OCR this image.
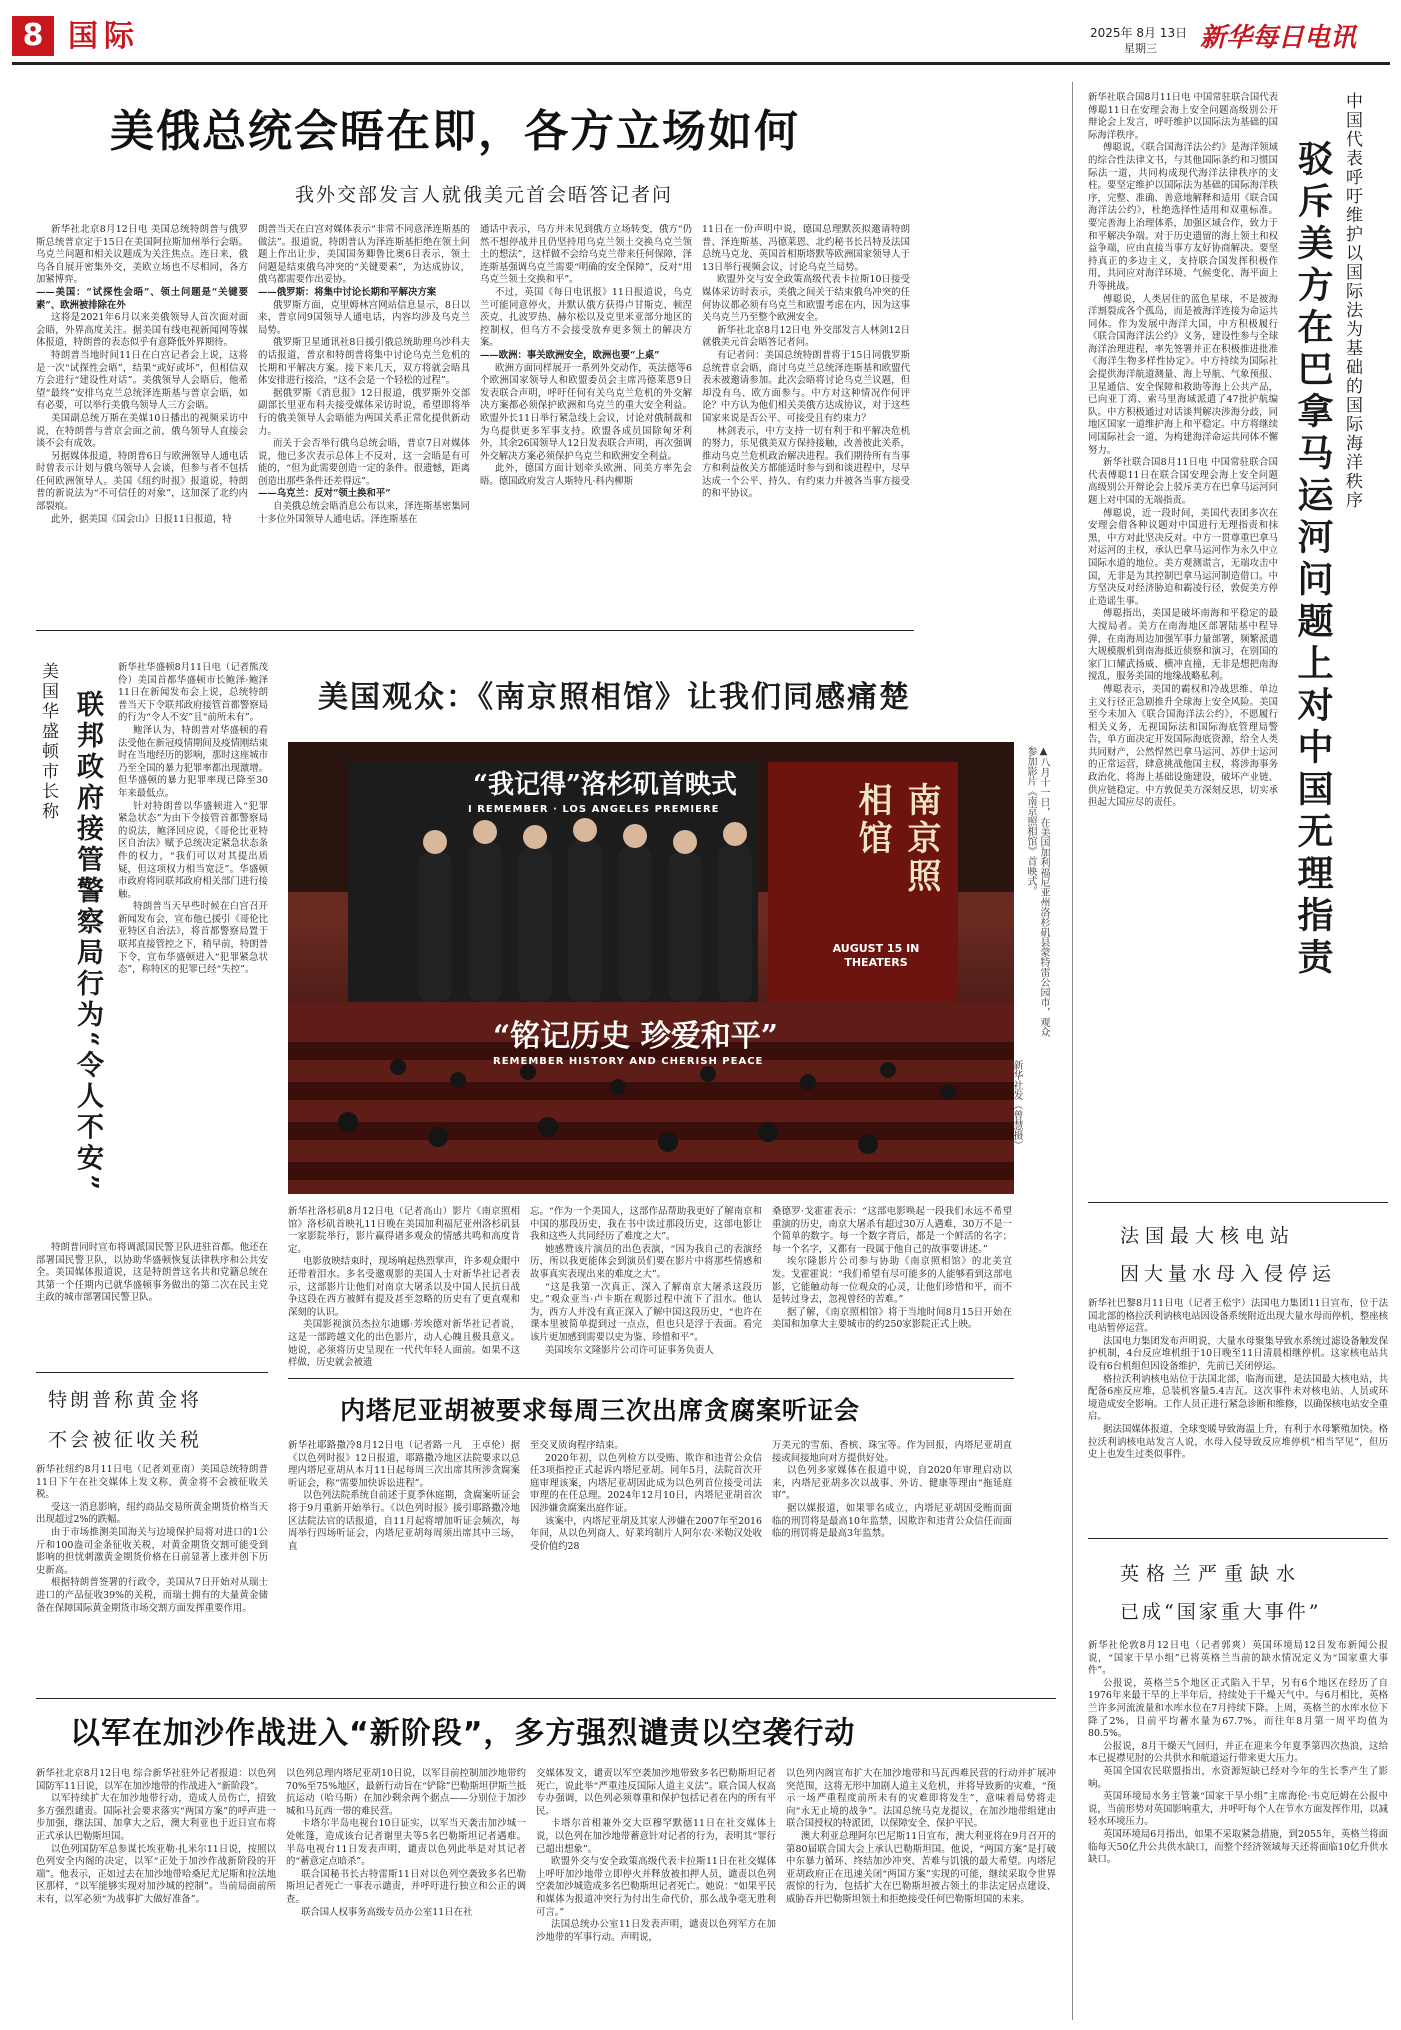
8 国际	2025年 8月 13日
星期三 新华每日电讯
美俄总统会晤在即，各方立场如何
我外交部发言人就俄美元首会晤答记者问

新华社北京8月12日电 美国总统特朗普与俄罗斯总统普京定于15日在美国阿拉斯加州举行会晤。乌克兰问题和相关议题成为关注焦点。连日来，俄乌各自展开密集外交，美欧立场也不尽相同，各方加紧博弈。

——美国：“试探性会晤”、领土问题是“关键要素”、欧洲被排除在外

这将是2021年6月以来美俄领导人首次面对面会晤，外界高度关注。据美国有线电视新闻网等媒体报道，特朗普的表态似乎有意降低外界期待。

特朗普当地时间11日在白宫记者会上说，这将是一次“试探性会晤”，结果“或好或坏”，但相信双方会进行“建设性对话”。美俄领导人会晤后，他希望“最终”安排乌克兰总统泽连斯基与普京会晤，如有必要，可以举行美俄乌领导人三方会晤。

美国副总统万斯在美媒10日播出的视频采访中说，在特朗普与普京会面之前，俄乌领导人直接会谈不会有成效。

另据媒体报道，特朗普6日与欧洲领导人通电话时曾表示计划与俄乌领导人会谈，但参与者不包括任何欧洲领导人。美国《纽约时报》报道说，特朗普的新说法为“不可信任的对象”，这加深了北约内部裂痕。

此外，据美国《国会山》日报11日报道，特

朗普当天在白宫对媒体表示“非常不同意泽连斯基的做法”。报道说，特朗普认为泽连斯基拒绝在领土问题上作出让步，美国国务卿鲁比奥6日表示，领土问题是结束俄乌冲突的“关键要素”，为达成协议，俄乌都需要作出妥协。

——俄罗斯：将集中讨论长期和平解决方案

俄罗斯方面，克里姆林宫网站信息显示，8日以来，普京同9国领导人通电话，内容均涉及乌克兰局势。

俄罗斯卫星通讯社8日援引俄总统助理乌沙科夫的话报道，普京和特朗普将集中讨论乌克兰危机的长期和平解决方案。接下来几天，双方将就会晤具体安排进行接洽，“这不会是一个轻松的过程”。

据俄罗斯《消息报》12日报道，俄罗斯外交部副部长里亚布科夫接受媒体采访时说，希望即将举行的俄美领导人会晤能为两国关系正常化提供新动力。

而关于会否举行俄乌总统会晤，普京7日对媒体说，他已多次表示总体上不反对，这一会晤是有可能的，“但为此需要创造一定的条件。很遗憾，距离创造出那些条件还差得远”。

——乌克兰：反对“领土换和平”

自美俄总统会晤消息公布以来，泽连斯基密集同十多位外国领导人通电话。泽连斯基在

通话中表示，乌方并未见到俄方立场转变，俄方“仍然不想停战并且仍坚持用乌克兰领土交换乌克兰领土的想法”，这样做不会给乌克兰带来任何保障，泽连斯基强调乌克兰需要“明确的安全保障”，反对“用乌克兰领土交换和平”。

不过，英国《每日电讯报》11日报道说，乌克兰可能同意停火，并默认俄方获得卢甘斯克、顿涅茨克、扎波罗热、赫尔松以及克里米亚部分地区的控制权，但乌方不会接受放弃更多领土的解决方案。

——欧洲：事关欧洲安全，欧洲也要“上桌”

欧洲方面同样展开一系列外交动作，英法德等6个欧洲国家领导人和欧盟委员会主席冯德莱恩9日发表联合声明，呼吁任何有关乌克兰危机的外交解决方案都必须保护欧洲和乌克兰的重大安全利益。欧盟外长11日举行紧急线上会议，讨论对俄制裁和为乌提供更多军事支持。欧盟各成员国除匈牙利外，其余26国领导人12日发表联合声明，再次强调外交解决方案必须保护乌克兰和欧洲安全利益。

此外，德国方面计划牵头欧洲、同美方率先会晤。德国政府发言人斯特凡·科内柳斯

11日在一份声明中说，德国总理默茨拟邀请特朗普、泽连斯基、冯德莱恩、北约秘书长吕特及法国总统马克龙、英国首相斯塔默等欧洲国家领导人于13日举行视频会议，讨论乌克兰局势。

欧盟外交与安全政策高级代表卡拉斯10日接受媒体采访时表示，美俄之间关于结束俄乌冲突的任何协议都必须有乌克兰和欧盟考虑在内，因为这事关乌克兰乃至整个欧洲安全。

新华社北京8月12日电 外交部发言人林剑12日就俄美元首会晤答记者问。

有记者问：美国总统特朗普将于15日同俄罗斯总统普京会晤，商讨乌克兰总统泽连斯基和欧盟代表未被邀请参加。此次会晤将讨论乌克兰议题，但却没有乌、欧方面参与。中方对这种情况作何评论？中方认为他们相关美俄方达成协议，对于这些国家来说是否公平、可接受且有约束力？

林剑表示，中方支持一切有利于和平解决危机的努力，乐见俄美双方保持接触，改善彼此关系，推动乌克兰危机政治解决进程。我们期待所有当事方和利益攸关方都能适时参与到和谈进程中，尽早达成一个公平、持久、有约束力并被各当事方接受的和平协议。

新华社联合国8月11日电 中国常驻联合国代表傅聪11日在安理会海上安全问题高级别公开辩论会上发言，呼吁维护以国际法为基础的国际海洋秩序。

傅聪说，《联合国海洋法公约》是海洋领域的综合性法律文书，与其他国际条约和习惯国际法一道，共同构成现代海洋法律秩序的支柱。要坚定维护以国际法为基础的国际海洋秩序，完整、准确、善意地解释和适用《联合国海洋法公约》，杜绝选择性适用和双重标准。要完善海上治理体系，加强区域合作，致力于和平解决争端。对于历史遗留的海上领土和权益争端，应由直接当事方友好协商解决。要坚持真正的多边主义，支持联合国发挥积极作用，共同应对海洋环境、气候变化、海平面上升等挑战。

傅聪说，人类居住的蓝色星球，不是被海洋割裂成各个孤岛，而是被海洋连接为命运共同体。作为发展中海洋大国，中方积极履行《联合国海洋法公约》义务，建设性参与全球海洋治理进程，率先签署并正在积极推进批准《海洋生物多样性协定》。中方持续为国际社会提供海洋航道测量、海上导航、气象预报、卫星通信、安全保障和救助等海上公共产品，已向亚丁湾、索马里海域派遣了47批护航编队。中方积极通过对话谈判解决涉海分歧，同地区国家一道维护海上和平稳定。中方将继续同国际社会一道，为构建海洋命运共同体不懈努力。

新华社联合国8月11日电 中国常驻联合国代表傅聪11日在联合国安理会海上安全问题高级别公开辩论会上驳斥美方在巴拿马运河问题上对中国的无端指责。

傅聪说，近一段时间，美国代表团多次在安理会借各种议题对中国进行无理指责和抹黑，中方对此坚决反对。中方一贯尊重巴拿马对运河的主权，承认巴拿马运河作为永久中立国际水道的地位。美方观测谎言，无端攻击中国，无非是为其控制巴拿马运河制造借口。中方坚决反对经济胁迫和霸凌行径，敦促美方停止造谣生事。

傅聪指出，美国是破坏南海和平稳定的最大搅局者。美方在南海地区部署陆基中程导弹，在南海周边加强军事力量部署，频繁派遣大规模舰机到南海抵近侦察和演习，在别国的家门口耀武扬威、横冲直撞，无非是想把南海搅乱，服务美国的地缘战略私利。

傅聪表示，美国的霸权和冷战思维、单边主义行径正急剧推升全球海上安全风险。美国至今未加入《联合国海洋法公约》，不愿履行相关义务，无视国际法和国际海底管理局警告，单方面决定开发国际海底资源，给全人类共同财产，公然悍然巴拿马运河、苏伊士运河的正常运营，肆意挑战他国主权，将涉海事务政治化、将海上基础设施建设，破坏产业链、供应链稳定。中方敦促美方深刻反思，切实承担起大国应尽的责任。

中国代表呼吁维护以国际法为基础的国际海洋秩序
驳斥美方在巴拿马运河问题上对中国无理指责
法国最大核电站
因大量水母入侵停运

新华社巴黎8月11日电（记者王松宇）法国电力集团11日宣布，位于法国北部的格拉沃利讷核电站因设备系统附近出现大量水母而停机，整座核电站暂停运营。

法国电力集团发布声明说，大量水母聚集导致水系统过滤设备触发保护机制，4台反应堆机组于10日晚至11日清晨相继停机。这家核电站共设有6台机组但因设备维护，先前已关闭停运。

格拉沃利讷核电站位于法国北部，临海而建，是法国最大核电站，共配备6座反应堆，总装机容量5.4吉瓦。这次事件未对核电站、人员或环境造成安全影响。工作人员正进行紧急诊断和维修，以确保核电站安全重启。

据法国媒体报道，全球变暖导致海温上升，有利于水母繁殖加快。格拉沃利讷核电站发言人说，水母入侵导致反应堆停机“相当罕见”，但历史上也发生过类似事件。

英格兰严重缺水
已成“国家重大事件”

新华社伦敦8月12日电（记者郭爽）英国环境局12日发布新闻公报说，“国家干旱小组”已将英格兰当前的缺水情况定义为“国家重大事件”。

公报说，英格兰5个地区正式陷入干旱，另有6个地区在经历了自1976年来最干旱的上半年后，持续处于干燥天气中。与6月相比，英格兰许多河流流量和水库水位在7月持续下降。上周，英格兰的水库水位下降了2%，目前平均蓄水量为67.7%，而往年8月第一周平均值为80.5%。

公报说，8月干燥天气回归，并正在迎来今年夏季第四次热浪，这给本已捉襟见肘的公共供水和航道运行带来更大压力。

英国全国农民联盟指出，水资源短缺已经对今年的生长季产生了影响。

英国环境局水务主管兼“国家干旱小组”主席海伦·韦克厄姆在公报中说，当前形势对英国影响重大，并呼吁每个人在节水方面发挥作用，以减轻水环境压力。

英国环境局6月指出，如果不采取紧急措施，到2055年，英格兰将面临每天50亿升公共供水缺口，而整个经济领域每天还将面临10亿升供水缺口。

美国华盛顿市长称 联邦政府接管警察局行为“令人不安”

新华社华盛顿8月11日电（记者熊茂伶）美国首都华盛顿市长鲍泽·鲍泽11日在新闻发布会上说，总统特朗普当天下令联邦政府接管首都警察局的行为“令人不安”且“前所未有”。

鲍泽认为，特朗普对华盛顿的看法受他在新冠疫情期间及疫情刚结束时在当地经历的影响，那时这座城市乃至全国的暴力犯罪率都出现激增。但华盛顿的暴力犯罪率现已降至30年来最低点。

针对特朗普以华盛顿进入“犯罪紧急状态”为由下令接管首都警察局的说法，鲍泽回应说，《哥伦比亚特区自治法》赋予总统决定紧急状态条件的权力，“我们可以对其提出质疑，但这项权力相当宽泛”。华盛顿市政府将同联邦政府相关部门进行接触。

特朗普当天早些时候在白宫召开新闻发布会，宣布他已援引《哥伦比亚特区自治法》，将首都警察局置于联邦直接管控之下，稍早前，特朗普下令，宣布华盛顿进入“犯罪紧急状态”，称特区的犯罪已经“失控”。

特朗普同时宣布将调派国民警卫队进驻首都。他还在部署国民警卫队，以协助华盛顿恢复法律秩序和公共安全。美国媒体报道说，这是特朗普这名共和党籍总统在其第一个任期内已就华盛顿事务做出的第二次在民主党主政的城市部署国民警卫队。

特朗普称黄金将
不会被征收关税

新华社纽约8月11日电（记者刘亚南）美国总统特朗普11日下午在社交媒体上发文称，黄金将不会被征收关税。

受这一消息影响，纽约商品交易所黄金期货价格当天出现超过2%的跌幅。

由于市场推测美国海关与边境保护局将对进口的1公斤和100盎司金条征收关税，对黄金期货交割可能受到影响的担忧刺激黄金期货价格在日前显著上涨并创下历史新高。

根据特朗普签署的行政令，美国从7日开始对从瑞士进口的产品征收39%的关税，而瑞士拥有的大量黄金储备在保障国际黄金期货市场交割方面发挥重要作用。

美国观众：《南京照相馆》让我们同感痛楚
“我记得”洛杉矶首映式
I REMEMBER · LOS ANGELES PREMIERE	南京照相馆
AUGUST 15 IN THEATERS
“铭记历史 珍爱和平”
REMEMBER HISTORY AND CHERISH PEACE
▲八月十一日，在美国加利福尼亚州洛杉矶县蒙特雷公园市，观众参加影片《南京照相馆》首映式。
新华社发（曾慧摄）

新华社洛杉矶8月12日电（记者高山）影片《南京照相馆》洛杉矶首映礼11日晚在美国加利福尼亚州洛杉矶县一家影院举行，影片赢得诸多观众的情感共鸣和高度肯定。

电影放映结束时，现场响起热烈掌声，许多观众眼中还带着泪水。多名受邀观影的美国人士对新华社记者表示，这部影片让他们对南京大屠杀以及中国人民抗日战争这段在西方被鲜有提及甚至忽略的历史有了更直观和深刻的认识。

美国影视演员杰拉尔迪娜·芳埃德对新华社记者说，这是一部跨越文化的出色影片，动人心魄且极具意义。她说，必须将历史呈现在一代代年轻人面前。如果不这样做，历史就会被遗

忘。“作为一个美国人，这部作品帮助我更好了解南京和中国的那段历史，我在书中读过那段历史，这部电影让我和这些人共同经历了难度之大”。

她感赞该片演员的出色表演，“因为我自己的表演经历，所以我更能体会到演员们要在影片中将那些情感和故事真实表现出来的难度之大”。

“这是我第一次真正、深入了解南京大屠杀这段历史。”观众亚当·卢卡斯在观影过程中流下了泪水。他认为，西方人并没有真正深入了解中国这段历史，“也许在课本里被简单提到过一点点，但也只是浮于表面。看完该片更加感到需要以史为鉴、珍惜和平”。

美国埃尔文隆影片公司许可证事务负责人

桑德罗·戈霍霍表示：“这部电影唤起一段我们永远不希望重演的历史，南京大屠杀有超过30万人遇难，30万不是一个简单的数字。每一个数字背后，都是一个鲜活的名字；每一个名字，又都有一段属于他自己的故事要讲述。”

埃尔隆影片公司参与协助《南京照相馆》的北美宣发。戈霍霍说：“我们希望有尽可能多的人能够看到这部电影，它能触动每一位观众的心灵，让他们珍惜和平，而不是转过身去，忽视曾经的苦难。”

据了解，《南京照相馆》将于当地时间8月15日开始在美国和加拿大主要城市的约250家影院正式上映。

内塔尼亚胡被要求每周三次出席贪腐案听证会

新华社耶路撒冷8月12日电（记者路一凡　王卓伦）据《以色列时报》12日报道，耶路撒冷地区法院要求以总理内塔尼亚胡从本月11日起每周三次出席其所涉贪腐案听证会，称“需要加快诉讼进程”。

以色列法院系统自前述于夏季休庭期，贪腐案听证会将于9月重新开始举行。《以色列时报》援引耶路撒冷地区法院法官的话报道，自11月起将增加听证会频次，每周举行四场听证会，内塔尼亚胡每周须出席其中三场，直

至交叉质询程序结束。

2020年初，以色列检方以受贿、欺诈和违背公众信任3项指控正式起诉内塔尼亚胡。同年5月，法院首次开庭审理该案，内塔尼亚胡因此成为以色列首位接受司法审理的在任总理。2024年12月10日，内塔尼亚胡首次因涉嫌贪腐案出庭作证。

该案中，内塔尼亚胡及其家人涉嫌在2007年至2016年间，从以色列商人、好莱坞制片人阿尔农·米勒汉处收受价值约28

万美元的雪茄、香槟、珠宝等。作为回报，内塔尼亚胡直接或间接地向对方提供好处。

以色列多家媒体在报道中说，自2020年审理启动以来，内塔尼亚胡多次以战事、外访、健康等理由“拖延庭审”。

据以媒报道，如果罪名成立，内塔尼亚胡因受贿而面临的刑罚将是最高10年监禁，因欺诈和违背公众信任而面临的刑罚将是最高3年监禁。

以军在加沙作战进入“新阶段”，多方强烈谴责以空袭行动

新华社北京8月12日电 综合新华社驻外记者报道：以色列国防军11日说，以军在加沙地带的作战进入“新阶段”。

以军持续扩大在加沙地带行动，造成人员伤亡，招致多方强烈谴责。国际社会要求落实“两国方案”的呼声进一步加强，继法国、加拿大之后，澳大利亚也于近日宣布将正式承认巴勒斯坦国。

以色列国防军总参谋长埃亚勒·扎米尔11日说，按照以色列安全内阁的决定，以军“正处于加沙作战新阶段的开端”。他表示，正如过去在加沙地带哈桑尼尤尼斯和拉法地区那样，“以军能够实现对加沙城的控制”。当前局面前所未有，以军必须“为战事扩大做好准备”。

以色列总理内塔尼亚胡10日说，以军目前控制加沙地带约70%至75%地区，最新行动旨在“铲除”巴勒斯坦伊斯兰抵抗运动（哈马斯）在加沙剩余两个据点——分别位于加沙城和马瓦西一带的难民营。

卡塔尔半岛电视台10日证实，以军当天袭击加沙城一处帐篷，造成该台记者谢里夫等5名巴勒斯坦记者遇难。半岛电视台11日发表声明，谴责以色列此举是对其记者的“蓄意定点暗杀”。

联合国秘书长古特雷斯11日对以色列空袭致多名巴勒斯坦记者死亡一事表示谴责，并呼吁进行独立和公正的调查。

联合国人权事务高级专员办公室11日在社

交媒体发文，谴责以军空袭加沙地带致多名巴勒斯坦记者死亡，说此举“严重违反国际人道主义法”。联合国人权高专办强调，以色列必须尊重和保护包括记者在内的所有平民。

卡塔尔首相兼外交大臣穆罕默德11日在社交媒体上说，以色列在加沙地带蓄意针对记者的行为，表明其“罪行已超出想象”。

欧盟外交与安全政策高级代表卡拉斯11日在社交媒体上呼吁加沙地带立即停火并释放被扣押人员，谴责以色列空袭加沙城造成多名巴勒斯坦记者死亡。她说：“如果平民和媒体为报道冲突行为付出生命代价，那么战争毫无胜利可言。”

法国总统办公室11日发表声明，谴责以色列军方在加沙地带的军事行动。声明说，

以色列内阁宣布扩大在加沙地带和马瓦西难民营的行动并扩展冲突范围，这将无形中加剧人道主义危机，并将导致新的灾难，“预示一场严重程度前所未有的灾难即将发生”，意味着局势将走向“永无止境的战争”。法国总统马克龙提议，在加沙地带组建由联合国授权的特派团，以保障安全、保护平民。

澳大利亚总理阿尔巴尼斯11日宣布，澳大利亚将在9月召开的第80届联合国大会上承认巴勒斯坦国。他说，“两国方案”是打破中东暴力循环、终结加沙冲突、苦难与饥饿的最大希望。内塔尼亚胡政府正在迅速关闭“两国方案”实现的可能，继续采取令世界震惊的行为，包括扩大在巴勒斯坦被占领土的非法定居点建设、威胁吞并巴勒斯坦领土和拒绝接受任何巴勒斯坦国的未来。
